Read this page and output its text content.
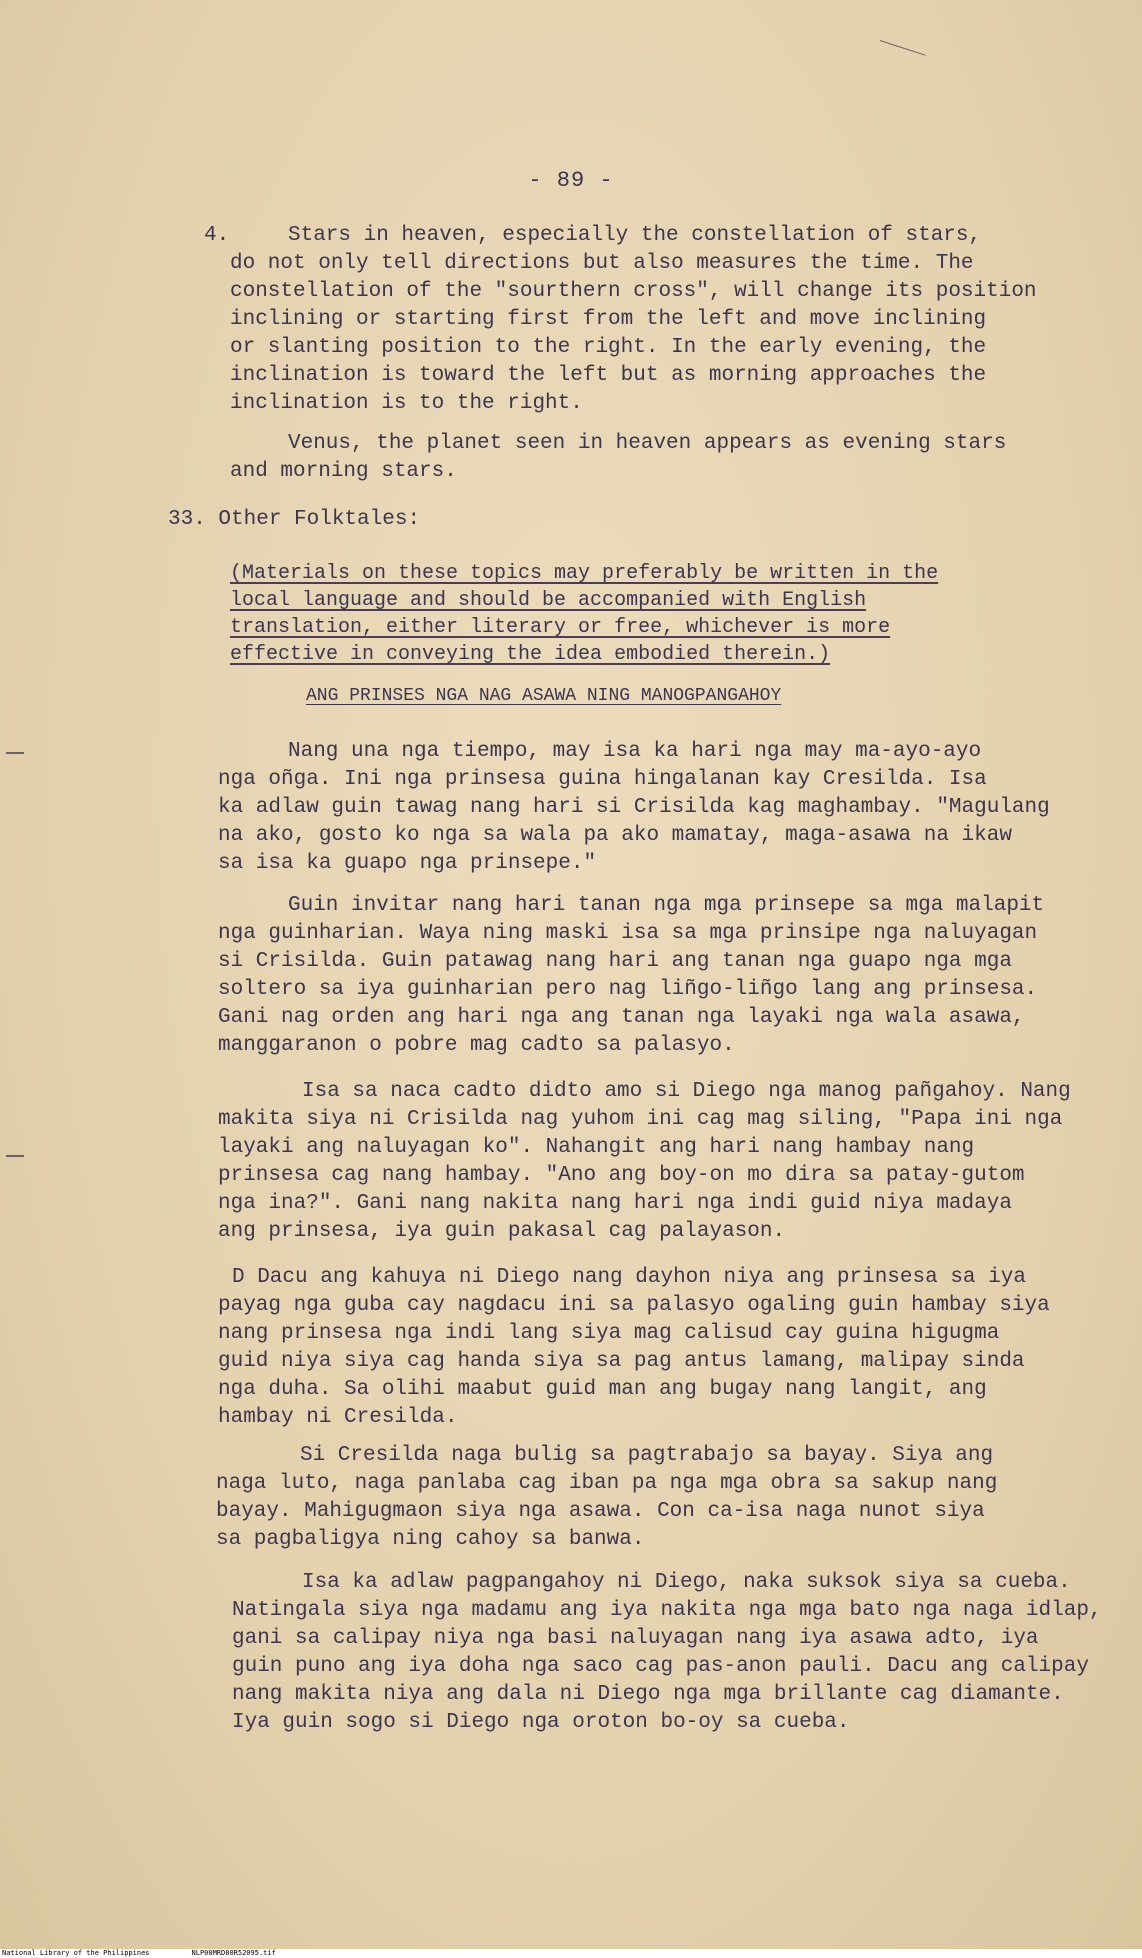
- 89 -
4.	Stars in heaven, especially the constellation of stars,
do not only tell directions but also measures the time. The
constellation of the "sourthern cross", will change its position
inclining or starting first from the left and move inclining
or slanting position to the right. In the early evening, the
inclination is toward the left but as morning approaches the
inclination is to the right.
Venus, the planet seen in heaven appears as evening stars
and morning stars.
33. Other Folktales:
(Materials on these topics may preferably be written in the
local language and should be accompanied with English
translation, either literary or free, whichever is more
effective in conveying the idea embodied therein.)
ANG PRINSES NGA NAG ASAWA NING MANOGPANGAHOY
Nang una nga tiempo, may isa ka hari nga may ma-ayo-ayo
nga oñga. Ini nga prinsesa guina hingalanan kay Cresilda. Isa
ka adlaw guin tawag nang hari si Crisilda kag maghambay. "Magulang
na ako, gosto ko nga sa wala pa ako mamatay, maga-asawa na ikaw
sa isa ka guapo nga prinsepe."
Guin invitar nang hari tanan nga mga prinsepe sa mga malapit
nga guinharian. Waya ning maski isa sa mga prinsipe nga naluyagan
si Crisilda. Guin patawag nang hari ang tanan nga guapo nga mga
soltero sa iya guinharian pero nag liñgo-liñgo lang ang prinsesa.
Gani nag orden ang hari nga ang tanan nga layaki nga wala asawa,
manggaranon o pobre mag cadto sa palasyo.
Isa sa naca cadto didto amo si Diego nga manog pañgahoy. Nang
makita siya ni Crisilda nag yuhom ini cag mag siling, "Papa ini nga
layaki ang naluyagan ko". Nahangit ang hari nang hambay nang
prinsesa cag nang hambay. "Ano ang boy-on mo dira sa patay-gutom
nga ina?". Gani nang nakita nang hari nga indi guid niya madaya
ang prinsesa, iya guin pakasal cag palayason.
D Dacu ang kahuya ni Diego nang dayhon niya ang prinsesa sa iya
payag nga guba cay nagdacu ini sa palasyo ogaling guin hambay siya
nang prinsesa nga indi lang siya mag calisud cay guina higugma
guid niya siya cag handa siya sa pag antus lamang, malipay sinda
nga duha. Sa olihi maabut guid man ang bugay nang langit, ang
hambay ni Cresilda.
Si Cresilda naga bulig sa pagtrabajo sa bayay. Siya ang
naga luto, naga panlaba cag iban pa nga mga obra sa sakup nang
bayay. Mahigugmaon siya nga asawa. Con ca-isa naga nunot siya
sa pagbaligya ning cahoy sa banwa.
Isa ka adlaw pagpangahoy ni Diego, naka suksok siya sa cueba.
Natingala siya nga madamu ang iya nakita nga mga bato nga naga idlap,
gani sa calipay niya nga basi naluyagan nang iya asawa adto, iya
guin puno ang iya doha nga saco cag pas-anon pauli. Dacu ang calipay
nang makita niya ang dala ni Diego nga mga brillante cag diamante.
Iya guin sogo si Diego nga oroton bo-oy sa cueba.
National Library of the Philippines	NLP00MRD80R52095.tif
